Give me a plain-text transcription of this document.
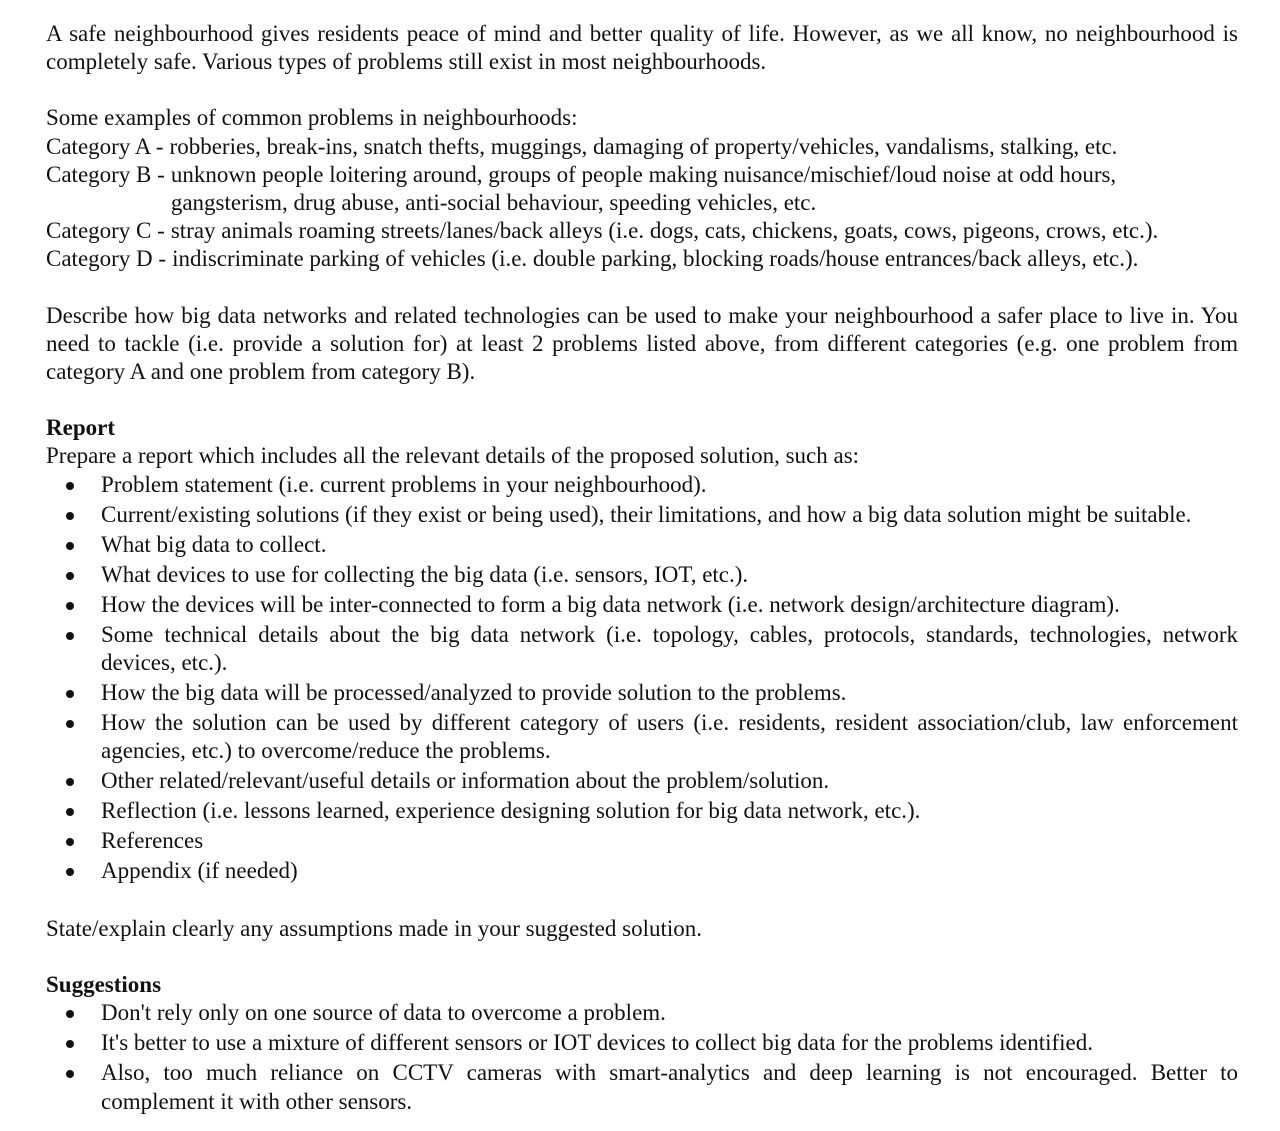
A safe neighbourhood gives residents peace of mind and better quality of life. However, as we all know, no neighbourhood is completely safe. Various types of problems still exist in most neighbourhoods.

Some examples of common problems in neighbourhoods:

Category A - robberies, break-ins, snatch thefts, muggings, damaging of property/vehicles, vandalisms, stalking, etc.
Category B - unknown people loitering around, groups of people making nuisance/mischief/loud noise at odd hours, gangsterism, drug abuse, anti-social behaviour, speeding vehicles, etc.
Category C - stray animals roaming streets/lanes/back alleys (i.e. dogs, cats, chickens, goats, cows, pigeons, crows, etc.).
Category D - indiscriminate parking of vehicles (i.e. double parking, blocking roads/house entrances/back alleys, etc.).

Describe how big data networks and related technologies can be used to make your neighbourhood a safer place to live in. You need to tackle (i.e. provide a solution for) at least 2 problems listed above, from different categories (e.g. one problem from category A and one problem from category B).

Report

Prepare a report which includes all the relevant details of the proposed solution, such as:

Problem statement (i.e. current problems in your neighbourhood).
Current/existing solutions (if they exist or being used), their limitations, and how a big data solution might be suitable.
What big data to collect.
What devices to use for collecting the big data (i.e. sensors, IOT, etc.).
How the devices will be inter-connected to form a big data network (i.e. network design/architecture diagram).
Some technical details about the big data network (i.e. topology, cables, protocols, standards, technologies, network devices, etc.).
How the big data will be processed/analyzed to provide solution to the problems.
How the solution can be used by different category of users (i.e. residents, resident association/club, law enforcement agencies, etc.) to overcome/reduce the problems.
Other related/relevant/useful details or information about the problem/solution.
Reflection (i.e. lessons learned, experience designing solution for big data network, etc.).
References
Appendix (if needed)

State/explain clearly any assumptions made in your suggested solution.

Suggestions

Don't rely only on one source of data to overcome a problem.
It's better to use a mixture of different sensors or IOT devices to collect big data for the problems identified.
Also, too much reliance on CCTV cameras with smart-analytics and deep learning is not encouraged. Better to complement it with other sensors.
